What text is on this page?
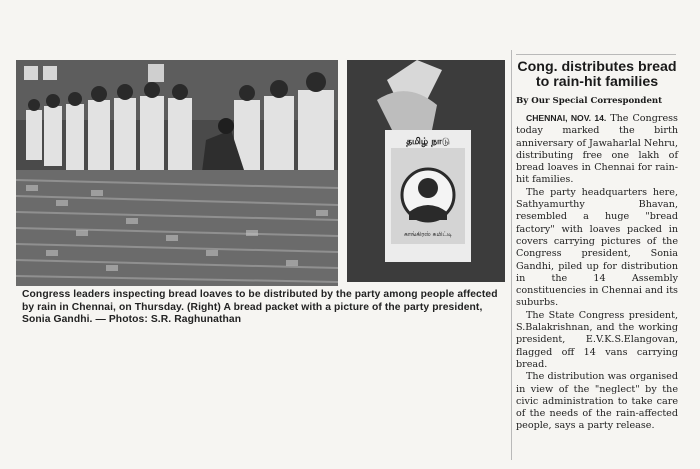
தமிழ் நாடு
காங்கிரஸ் கமிட்டி
Congress leaders inspecting bread loaves to be distributed by the party among people affected by rain in Chennai, on Thursday. (Right) A bread packet with a picture of the party president, Sonia Gandhi. — Photos: S.R. Raghunathan
Cong. distributes bread to rain-hit families
By Our Special Correspondent

CHENNAI, NOV. 14. The Congress today marked the birth anniversary of Jawaharlal Nehru, distributing free one lakh of bread loaves in Chennai for rain-hit families.

The party headquarters here, Sathyamurthy Bhavan, resembled a huge "bread factory" with loaves packed in covers carrying pictures of the Congress president, Sonia Gandhi, piled up for distribution in the 14 Assembly constituencies in Chennai and its suburbs.

The State Congress president, S.Balakrishnan, and the working president, E.V.K.S.Elangovan, flagged off 14 vans carrying bread.

The distribution was organised in view of the "neglect" by the civic administration to take care of the needs of the rain-affected people, says a party release.
